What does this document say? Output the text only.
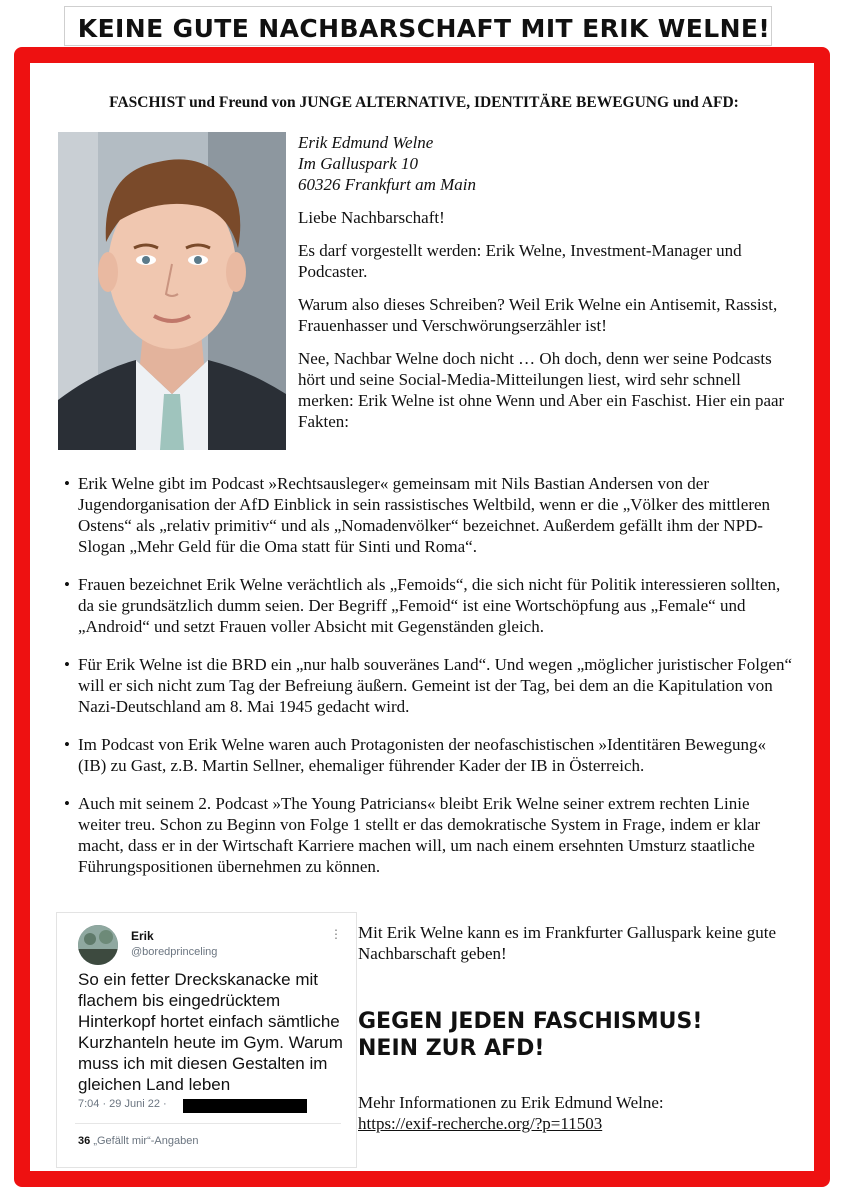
KEINE GUTE NACHBARSCHAFT MIT ERIK WELNE!
FASCHIST und Freund von JUNGE ALTERNATIVE, IDENTITÄRE BEWEGUNG und AFD:
Erik Edmund Welne
Im Galluspark 10
60326 Frankfurt am Main

Liebe Nachbarschaft!

Es darf vorgestellt werden: Erik Welne, Investment-Manager und Podcaster.

Warum also dieses Schreiben? Weil Erik Welne ein Antisemit, Rassist, Frauenhasser und Verschwörungserzähler ist!

Nee, Nachbar Welne doch nicht … Oh doch, denn wer seine Podcasts hört und seine Social-Media-Mitteilungen liest, wird sehr schnell merken: Erik Welne ist ohne Wenn und Aber ein Faschist. Hier ein paar Fakten:

• Erik Welne gibt im Podcast »Rechtsausleger« gemeinsam mit Nils Bastian Andersen von der Jugendorganisation der AfD Einblick in sein rassistisches Weltbild, wenn er die „Völker des mittleren Ostens“ als „relativ primitiv“ und als „Nomadenvölker“ bezeichnet. Außerdem gefällt ihm der NPD-Slogan „Mehr Geld für die Oma statt für Sinti und Roma“.
• Frauen bezeichnet Erik Welne verächtlich als „Femoids“, die sich nicht für Politik interessieren sollten, da sie grundsätzlich dumm seien. Der Begriff „Femoid“ ist eine Wortschöpfung aus „Female“ und „Android“ und setzt Frauen voller Absicht mit Gegenständen gleich.
• Für Erik Welne ist die BRD ein „nur halb souveränes Land“. Und wegen „möglicher juristischer Folgen“ will er sich nicht zum Tag der Befreiung äußern. Gemeint ist der Tag, bei dem an die Kapitulation von Nazi-Deutschland am 8. Mai 1945 gedacht wird.
• Im Podcast von Erik Welne waren auch Protagonisten der neofaschistischen »Identitären Bewegung« (IB) zu Gast, z.B. Martin Sellner, ehemaliger führender Kader der IB in Österreich.
• Auch mit seinem 2. Podcast »The Young Patricians« bleibt Erik Welne seiner extrem rechten Linie weiter treu. Schon zu Beginn von Folge 1 stellt er das demokratische System in Frage, indem er klar macht, dass er in der Wirtschaft Karriere machen will, um nach einem ersehnten Umsturz staatliche Führungspositionen übernehmen zu können.
Erik
@boredprinceling
⋮
So ein fetter Dreckskanacke mit flachem bis eingedrücktem Hinterkopf hortet einfach sämtliche Kurzhanteln heute im Gym. Warum muss ich mit diesen Gestalten im gleichen Land leben
7:04 · 29 Juni 22 ·
36 „Gefällt mir“-Angaben
Mit Erik Welne kann es im Frankfurter Galluspark keine gute Nachbarschaft geben!
GEGEN JEDEN FASCHISMUS!
NEIN ZUR AFD!
Mehr Informationen zu Erik Edmund Welne:
https://exif-recherche.org/?p=11503
